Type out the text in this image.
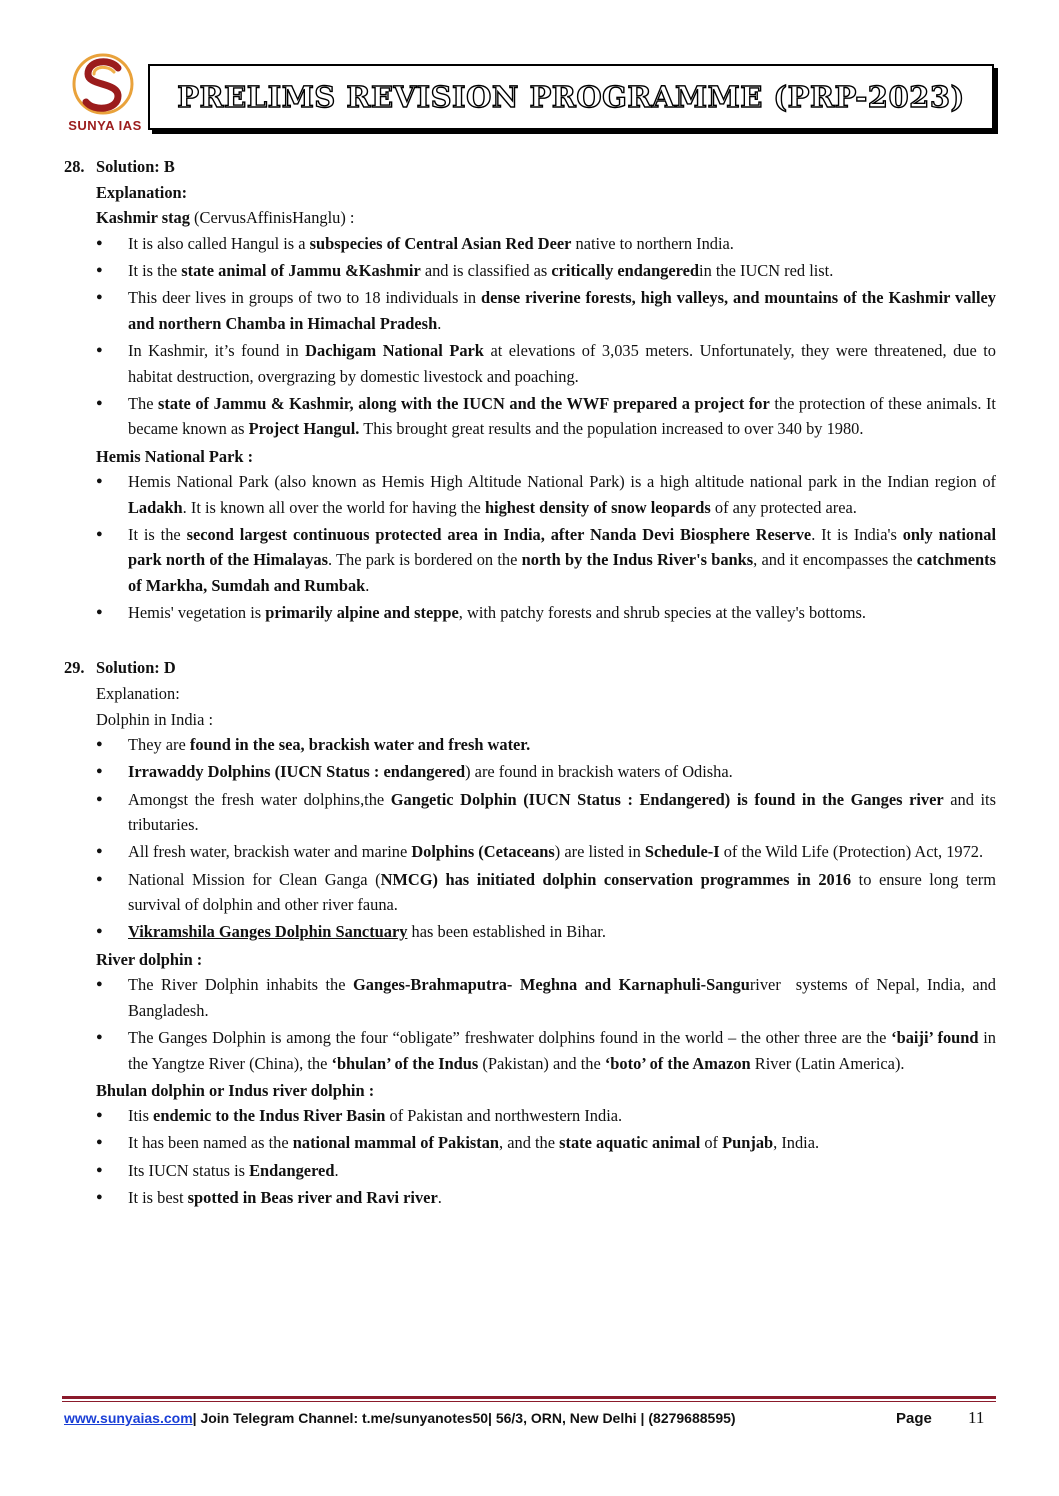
SUNYA IAS
PRELIMS REVISION PROGRAMME (PRP-2023)

28. Solution: B

Explanation:

Kashmir stag (CervusAffinisHanglu) :

● It is also called Hangul is a subspecies of Central Asian Red Deer native to northern India.
● It is the state animal of Jammu &Kashmir and is classified as critically endangeredin the IUCN red list.
● This deer lives in groups of two to 18 individuals in dense riverine forests, high valleys, and mountains of the Kashmir valley and northern Chamba in Himachal Pradesh.
● In Kashmir, it’s found in Dachigam National Park at elevations of 3,035 meters. Unfortunately, they were threatened, due to habitat destruction, overgrazing by domestic livestock and poaching.
● The state of Jammu & Kashmir, along with the IUCN and the WWF prepared a project for the protection of these animals. It became known as Project Hangul. This brought great results and the population increased to over 340 by 1980.

Hemis National Park :

● Hemis National Park (also known as Hemis High Altitude National Park) is a high altitude national park in the Indian region of Ladakh. It is known all over the world for having the highest density of snow leopards of any protected area.
● It is the second largest continuous protected area in India, after Nanda Devi Biosphere Reserve. It is India's only national park north of the Himalayas. The park is bordered on the north by the Indus River's banks, and it encompasses the catchments of Markha, Sumdah and Rumbak.
● Hemis' vegetation is primarily alpine and steppe, with patchy forests and shrub species at the valley's bottoms.

29. Solution: D

Explanation:

Dolphin in India :

● They are found in the sea, brackish water and fresh water.
● Irrawaddy Dolphins (IUCN Status : endangered) are found in brackish waters of Odisha.
● Amongst the fresh water dolphins,the Gangetic Dolphin (IUCN Status : Endangered) is found in the Ganges river and its tributaries.
● All fresh water, brackish water and marine Dolphins (Cetaceans) are listed in Schedule-I of the Wild Life (Protection) Act, 1972.
● National Mission for Clean Ganga (NMCG) has initiated dolphin conservation programmes in 2016 to ensure long term survival of dolphin and other river fauna.
● Vikramshila Ganges Dolphin Sanctuary has been established in Bihar.

River dolphin :

● The River Dolphin inhabits the Ganges-Brahmaputra- Meghna and Karnaphuli-Sanguriver  systems of Nepal, India, and Bangladesh.
● The Ganges Dolphin is among the four “obligate” freshwater dolphins found in the world – the other three are the ‘baiji’ found in the Yangtze River (China), the ‘bhulan’ of the Indus (Pakistan) and the ‘boto’ of the Amazon River (Latin America).

Bhulan dolphin or Indus river dolphin :

● Itis endemic to the Indus River Basin of Pakistan and northwestern India.
● It has been named as the national mammal of Pakistan, and the state aquatic animal of Punjab, India.
● Its IUCN status is Endangered.
● It is best spotted in Beas river and Ravi river.
www.sunyaias.com| Join Telegram Channel: t.me/sunyanotes50| 56/3, ORN, New Delhi | (8279688595)	Page 11
